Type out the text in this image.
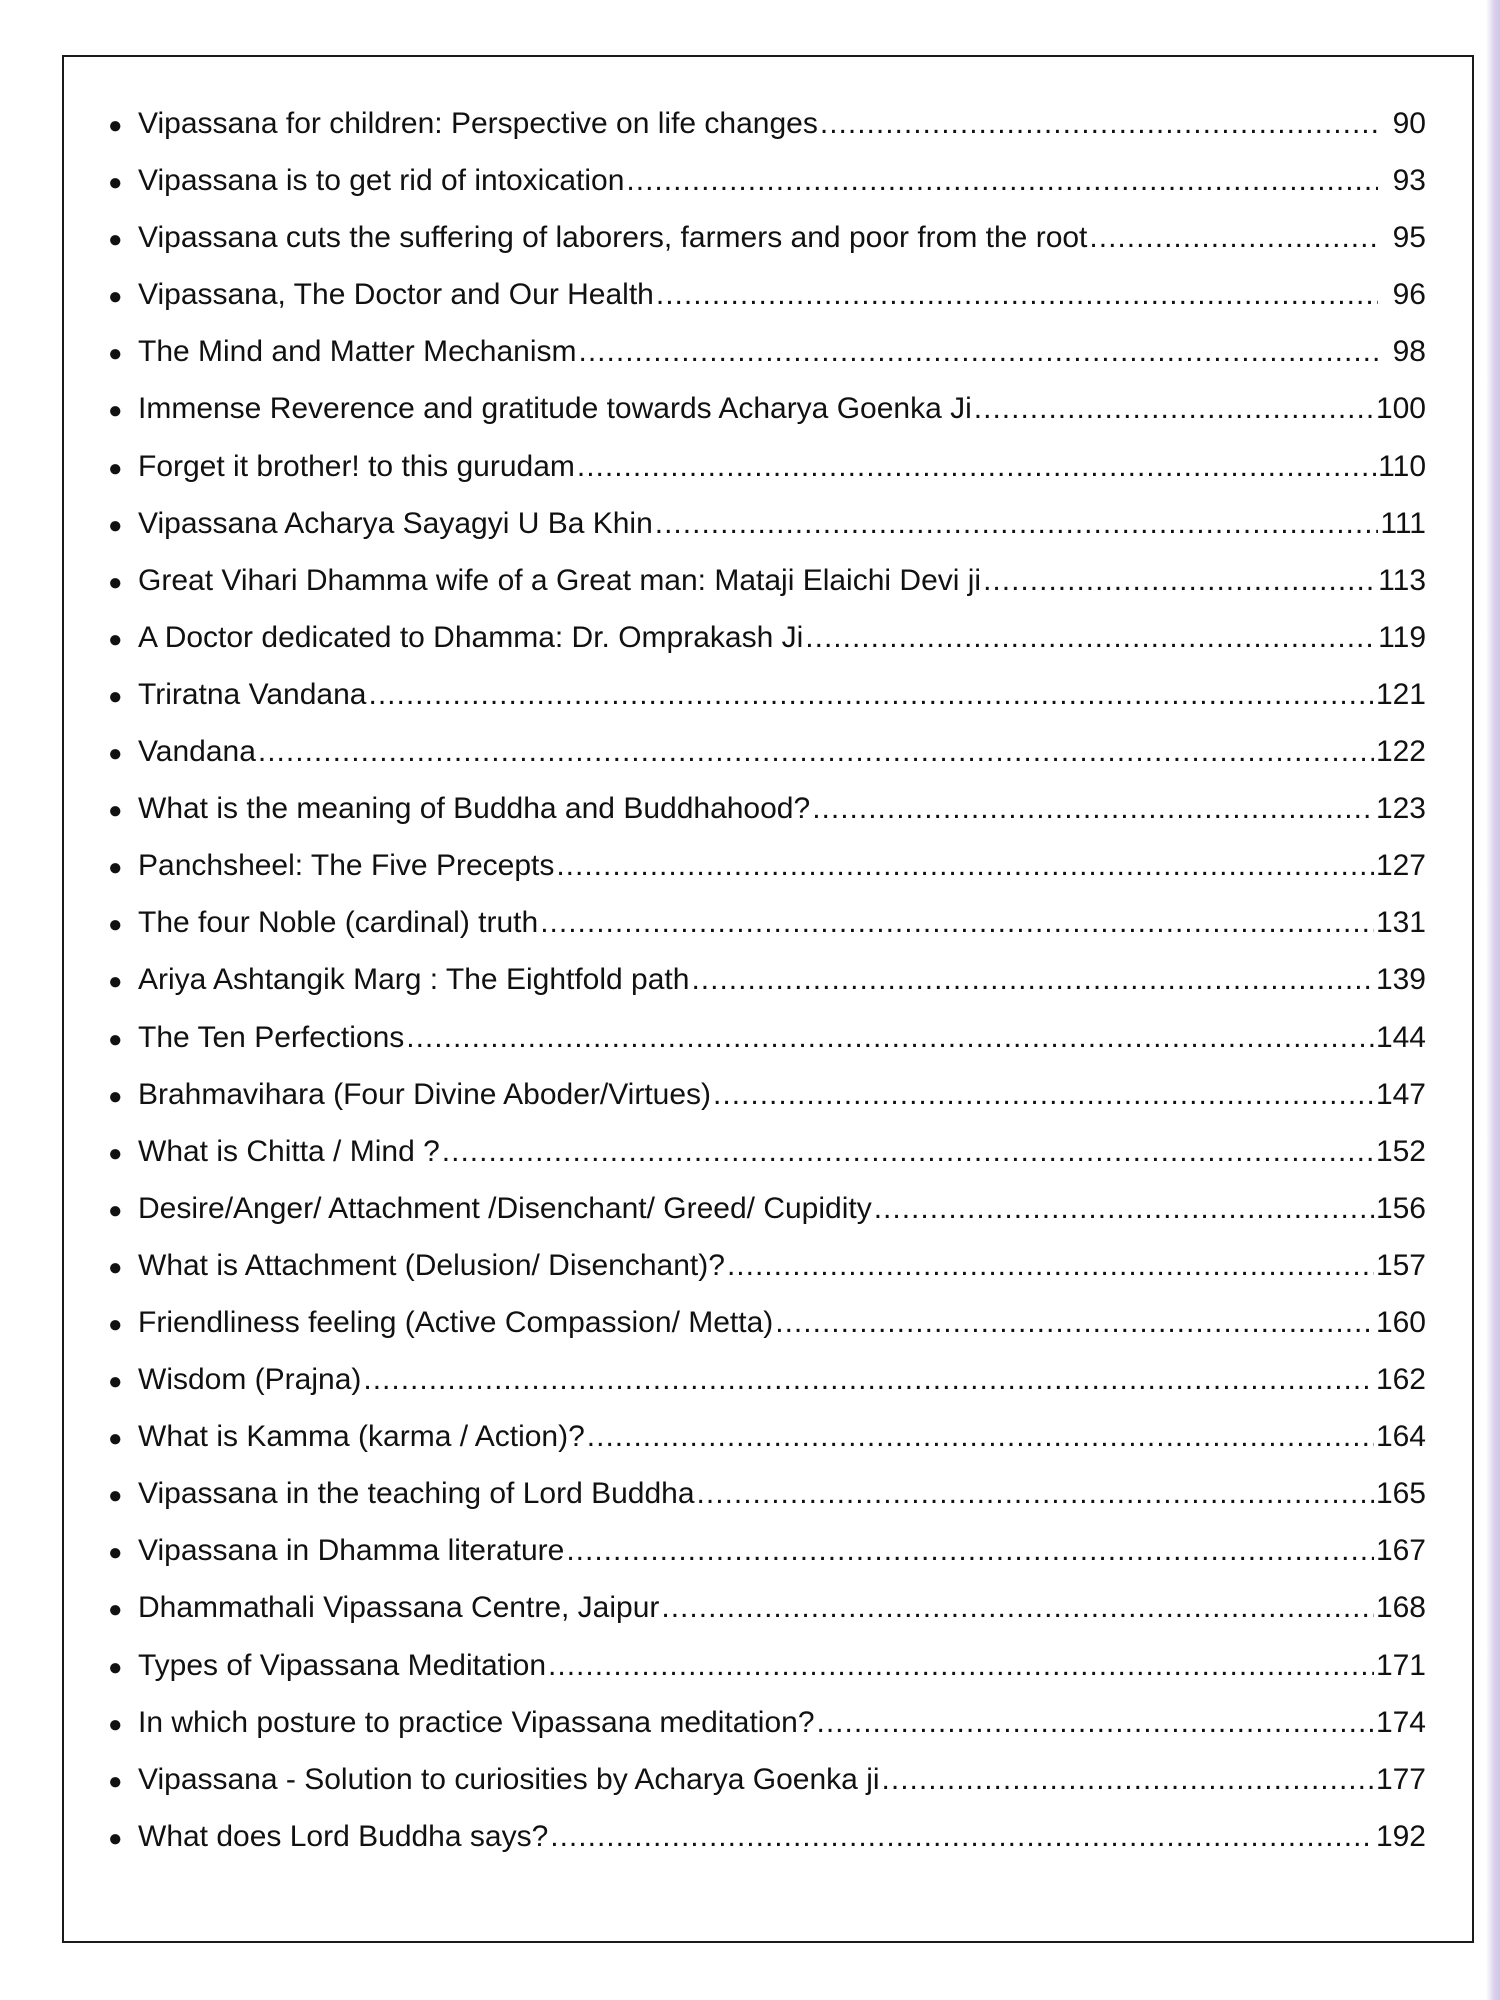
● Vipassana for children: Perspective on life changes .....	90
● Vipassana is to get rid of intoxication .....	93
● Vipassana cuts the suffering of laborers, farmers and poor from the root .....	95
● Vipassana, The Doctor and Our Health .....	96
● The Mind and Matter Mechanism .....	98
● Immense Reverence and gratitude towards Acharya Goenka Ji .....	100
● Forget it brother! to this gurudam .....	110
● Vipassana Acharya Sayagyi U Ba Khin .....	111
● Great Vihari Dhamma wife of a Great man: Mataji Elaichi Devi ji .....	113
● A Doctor dedicated to Dhamma: Dr. Omprakash Ji .....	119
● Triratna Vandana .....	121
● Vandana .....	122
● What is the meaning of Buddha and Buddhahood? .....	123
● Panchsheel: The Five Precepts .....	127
● The four Noble (cardinal) truth .....	131
● Ariya Ashtangik Marg : The Eightfold path .....	139
● The Ten Perfections .....	144
● Brahmavihara (Four Divine Aboder/Virtues) .....	147
● What is Chitta / Mind ? .....	152
● Desire/Anger/ Attachment /Disenchant/ Greed/ Cupidity .....	156
● What is Attachment (Delusion/ Disenchant)? .....	157
● Friendliness feeling (Active Compassion/ Metta) .....	160
● Wisdom (Prajna) .....	162
● What is Kamma (karma / Action)? .....	164
● Vipassana in the teaching of Lord Buddha .....	165
● Vipassana in Dhamma literature .....	167
● Dhammathali Vipassana Centre, Jaipur .....	168
● Types of Vipassana Meditation .....	171
● In which posture to practice Vipassana meditation? .....	174
● Vipassana - Solution to curiosities by Acharya Goenka ji .....	177
● What does Lord Buddha says? .....	192
